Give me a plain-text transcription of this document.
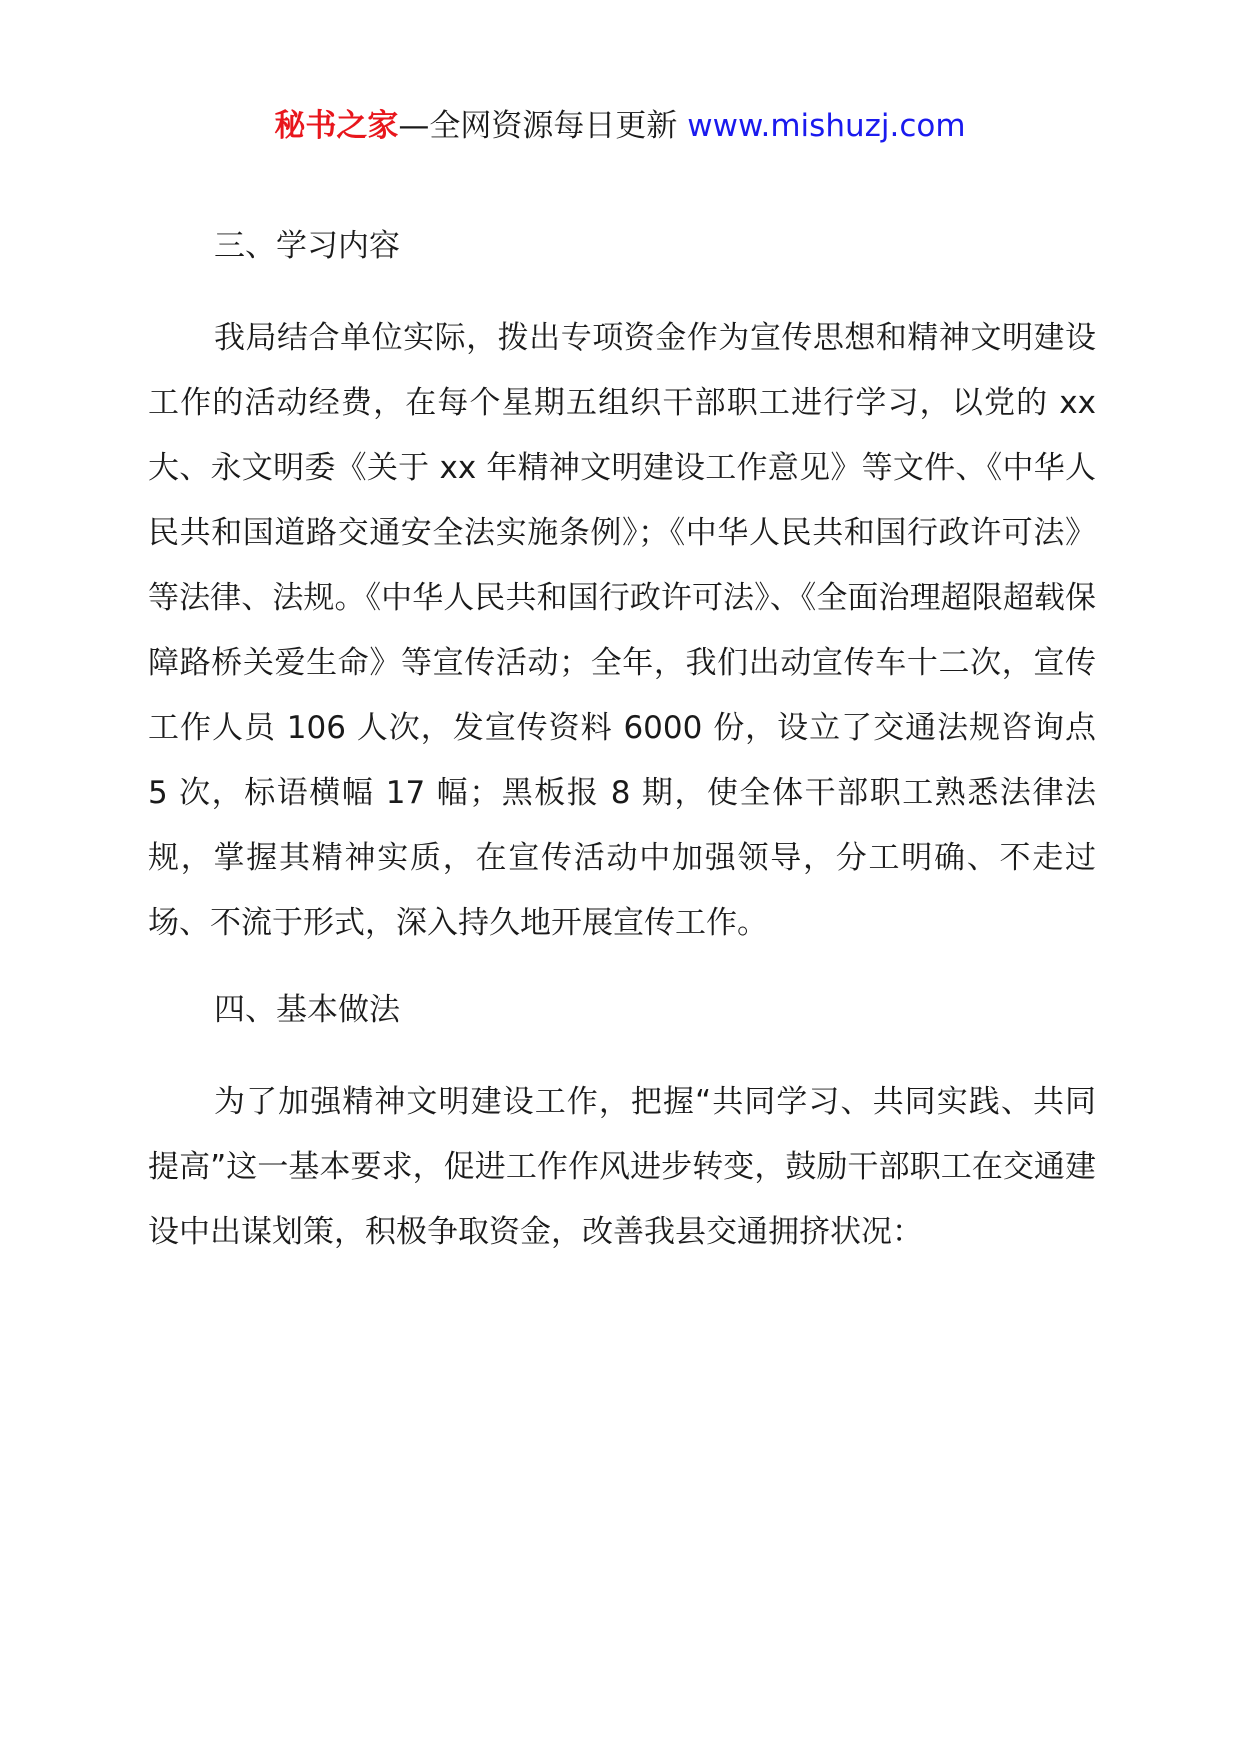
秘书之家—全网资源每日更新 www.mishuzj.com

三、学习内容

我局结合单位实际，拨出专项资金作为宣传思想和精神文明建设工作的活动经费，在每个星期五组织干部职工进行学习，以党的 xx 大、永文明委《关于 xx 年精神文明建设工作意见》等文件、《中华人民共和国道路交通安全法实施条例》；《中华人民共和国行政许可法》等法律、法规。《中华人民共和国行政许可法》、《全面治理超限超载保障路桥关爱生命》等宣传活动；全年，我们出动宣传车十二次，宣传工作人员 106 人次，发宣传资料 6000 份，设立了交通法规咨询点 5 次，标语横幅 17 幅；黑板报 8 期，使全体干部职工熟悉法律法规，掌握其精神实质，在宣传活动中加强领导，分工明确、不走过场、不流于形式，深入持久地开展宣传工作。

四、基本做法

为了加强精神文明建设工作，把握“共同学习、共同实践、共同提高”这一基本要求，促进工作作风进步转变，鼓励干部职工在交通建设中出谋划策，积极争取资金，改善我县交通拥挤状况：
